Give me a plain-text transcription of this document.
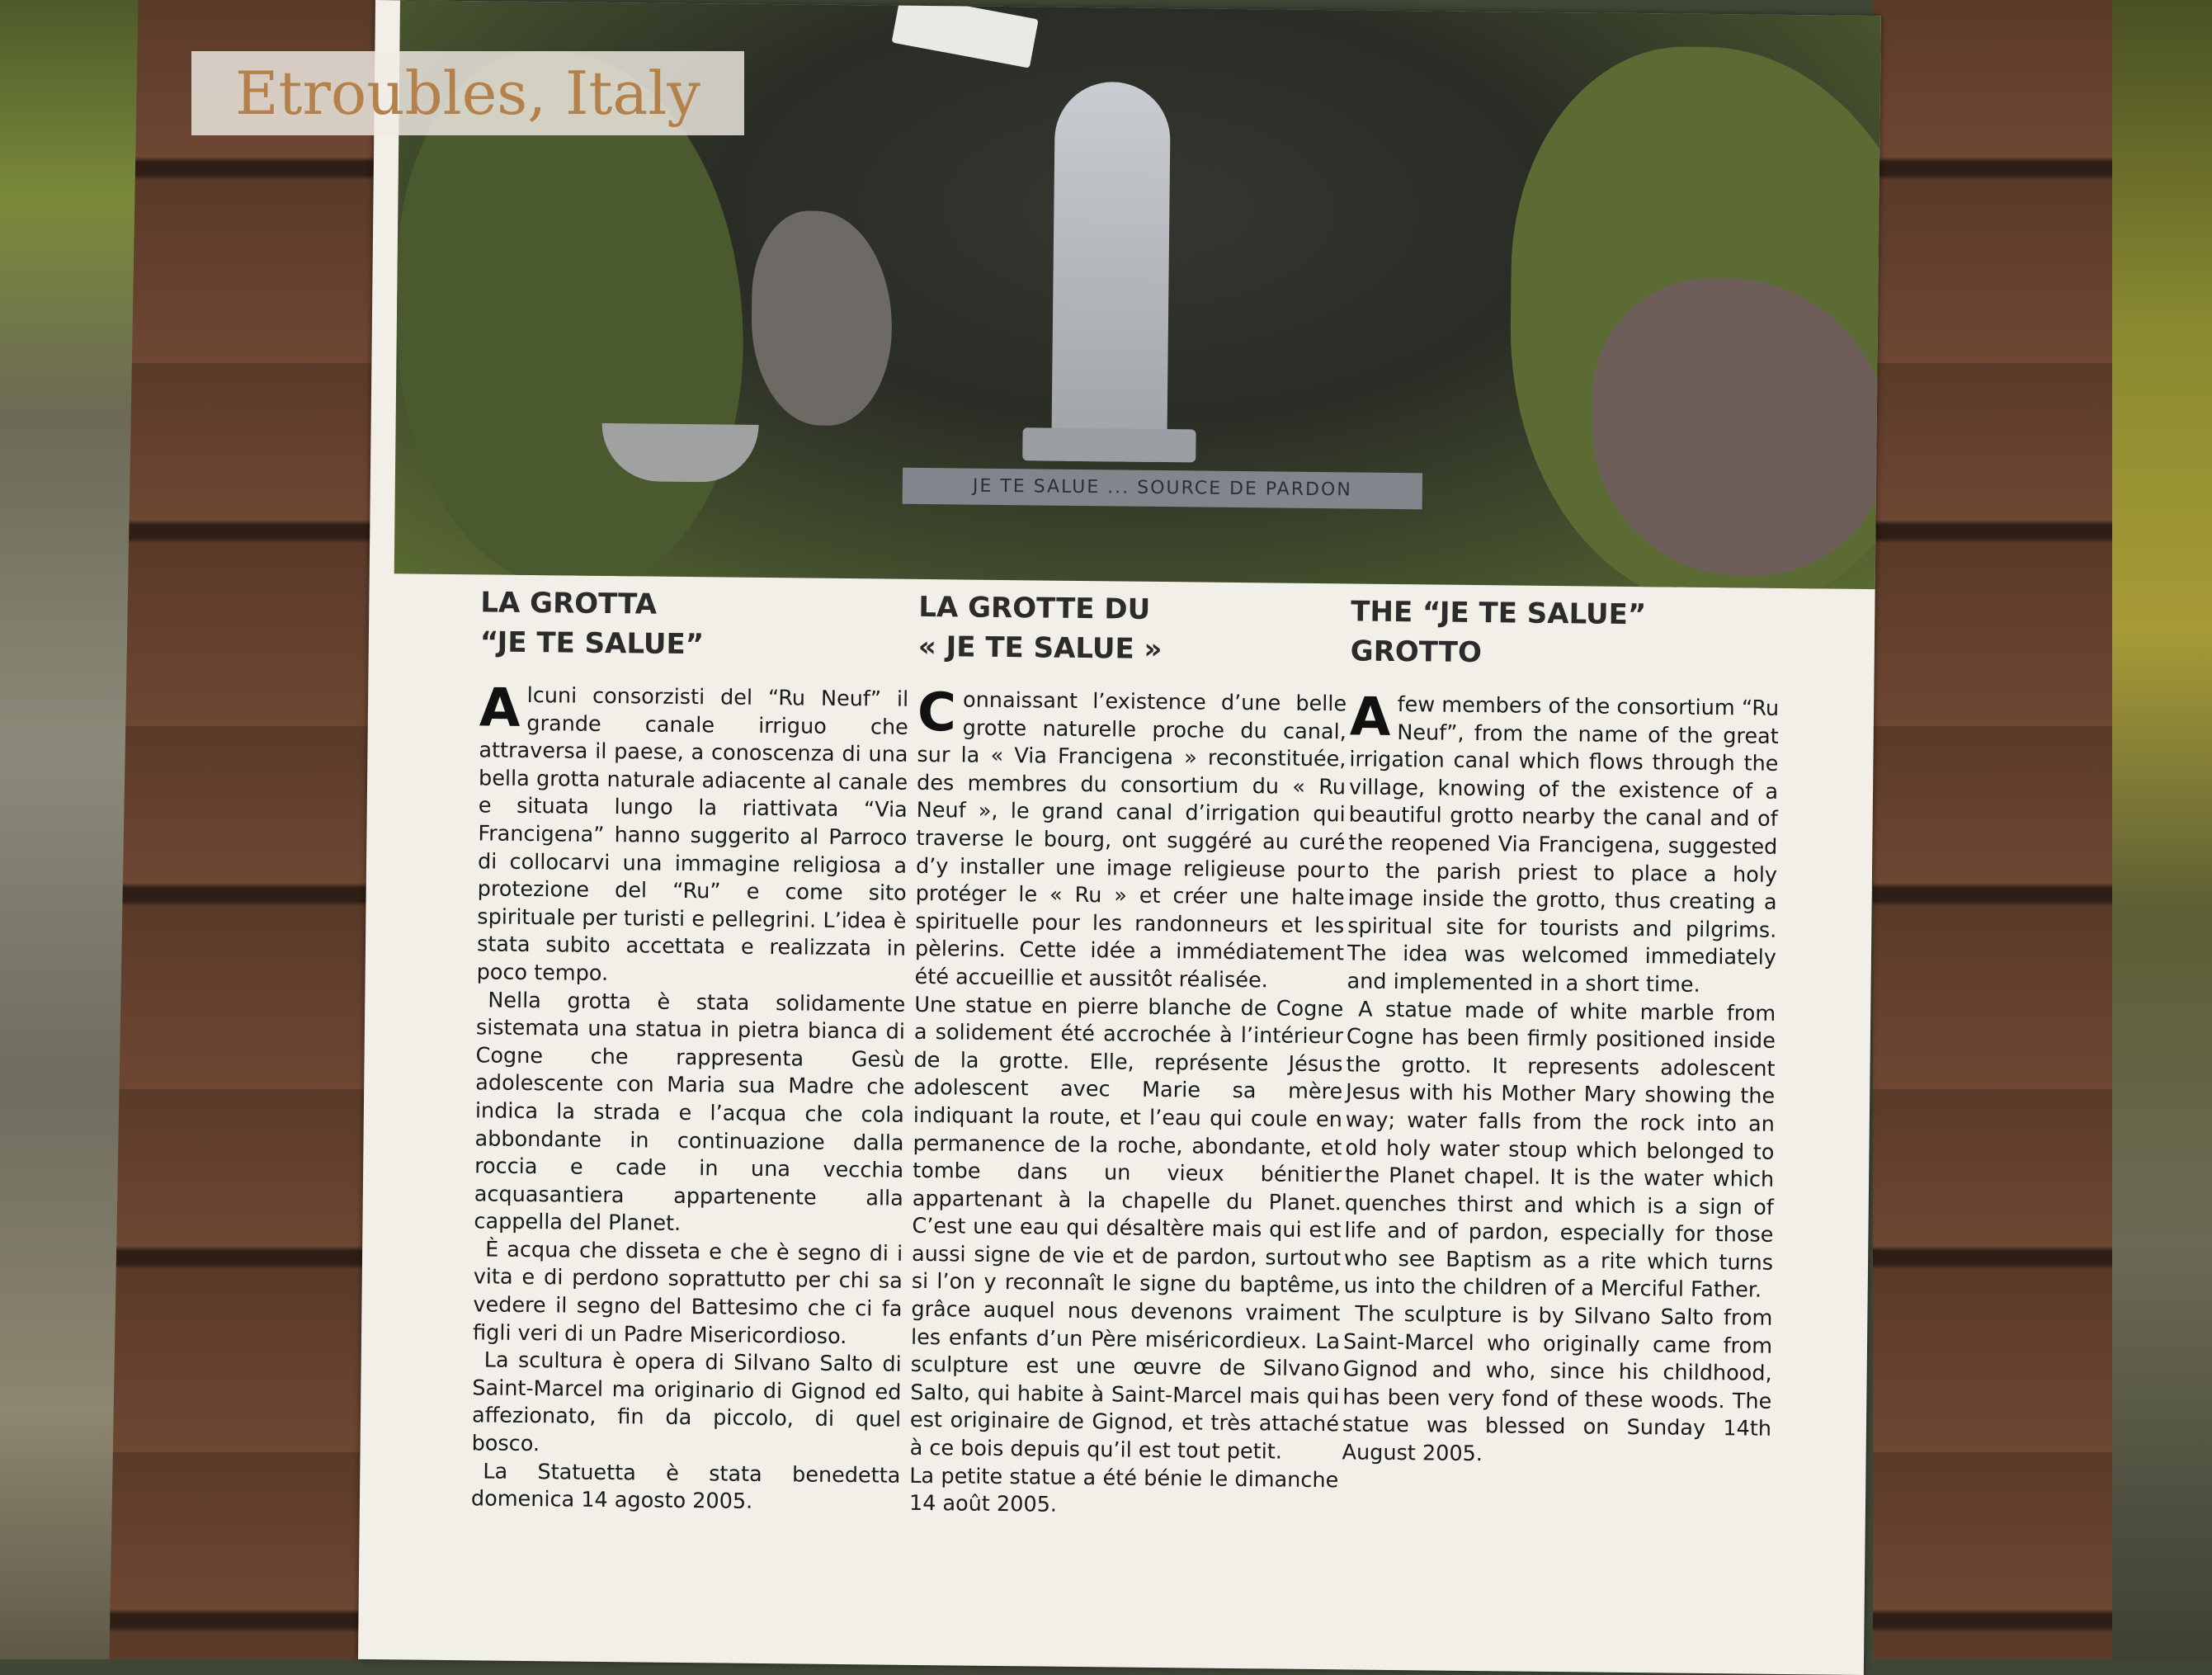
JE TE SALUE ... SOURCE DE PARDON
LA GROTTA
“JE TE SALUE”

Alcuni consorzisti del “Ru Neuf” il grande canale irriguo che attraversa il paese, a conoscenza di una bella grotta naturale adiacente al canale e situata lungo la riattivata “Via Francigena” hanno suggerito al Parroco di collocarvi una immagine religiosa a protezione del “Ru” e come sito spirituale per turisti e pellegrini. L’idea è stata subito accettata e realizzata in poco tempo.

Nella grotta è stata solidamente sistemata una statua in pietra bianca di Cogne che rappresenta Gesù adolescente con Maria sua Madre che indica la strada e l’acqua che cola abbondante in continuazione dalla roccia e cade in una vecchia acquasantiera appartenente alla cappella del Planet.

È acqua che disseta e che è segno di i vita e di perdono soprattutto per chi sa vedere il segno del Battesimo che ci fa figli veri di un Padre Misericordioso.

La scultura è opera di Silvano Salto di Saint-Marcel ma originario di Gignod ed affezionato, fin da piccolo, di quel bosco.

La Statuetta è stata benedetta domenica 14 agosto 2005.

LA GROTTE DU
« JE TE SALUE »

Connaissant l’existence d’une belle grotte naturelle proche du canal, sur la « Via Francigena » reconstituée, des membres du consortium du « Ru Neuf », le grand canal d’irrigation qui traverse le bourg, ont suggéré au curé d’y installer une image religieuse pour protéger le « Ru » et créer une halte spirituelle pour les randonneurs et les pèlerins. Cette idée a immédiatement été accueillie et aussitôt réalisée.

Une statue en pierre blanche de Cogne a solidement été accrochée à l’intérieur de la grotte. Elle, représente Jésus adolescent avec Marie sa mère indiquant la route, et l’eau qui coule en permanence de la roche, abondante, et tombe dans un vieux bénitier appartenant à la chapelle du Planet. C’est une eau qui désaltère mais qui est aussi signe de vie et de pardon, surtout si l’on y reconnaît le signe du baptême, grâce auquel nous devenons vraiment les enfants d’un Père miséricordieux. La sculpture est une œuvre de Silvano Salto, qui habite à Saint-Marcel mais qui est originaire de Gignod, et très attaché à ce bois depuis qu’il est tout petit.

La petite statue a été bénie le dimanche 14 août 2005.

THE “JE TE SALUE”
GROTTO

Afew members of the consortium “Ru Neuf”, from the name of the great irrigation canal which flows through the village, knowing of the existence of a beautiful grotto nearby the canal and of the reopened Via Francigena, suggested to the parish priest to place a holy image inside the grotto, thus creating a spiritual site for tourists and pilgrims. The idea was welcomed immediately and implemented in a short time.

A statue made of white marble from Cogne has been firmly positioned inside the grotto. It represents adolescent Jesus with his Mother Mary showing the way; water falls from the rock into an old holy water stoup which belonged to the Planet chapel. It is the water which quenches thirst and which is a sign of life and of pardon, especially for those who see Baptism as a rite which turns us into the children of a Merciful Father.

The sculpture is by Silvano Salto from Saint-Marcel who originally came from Gignod and who, since his childhood, has been very fond of these woods. The statue was blessed on Sunday 14th August 2005.

Etroubles, Italy
